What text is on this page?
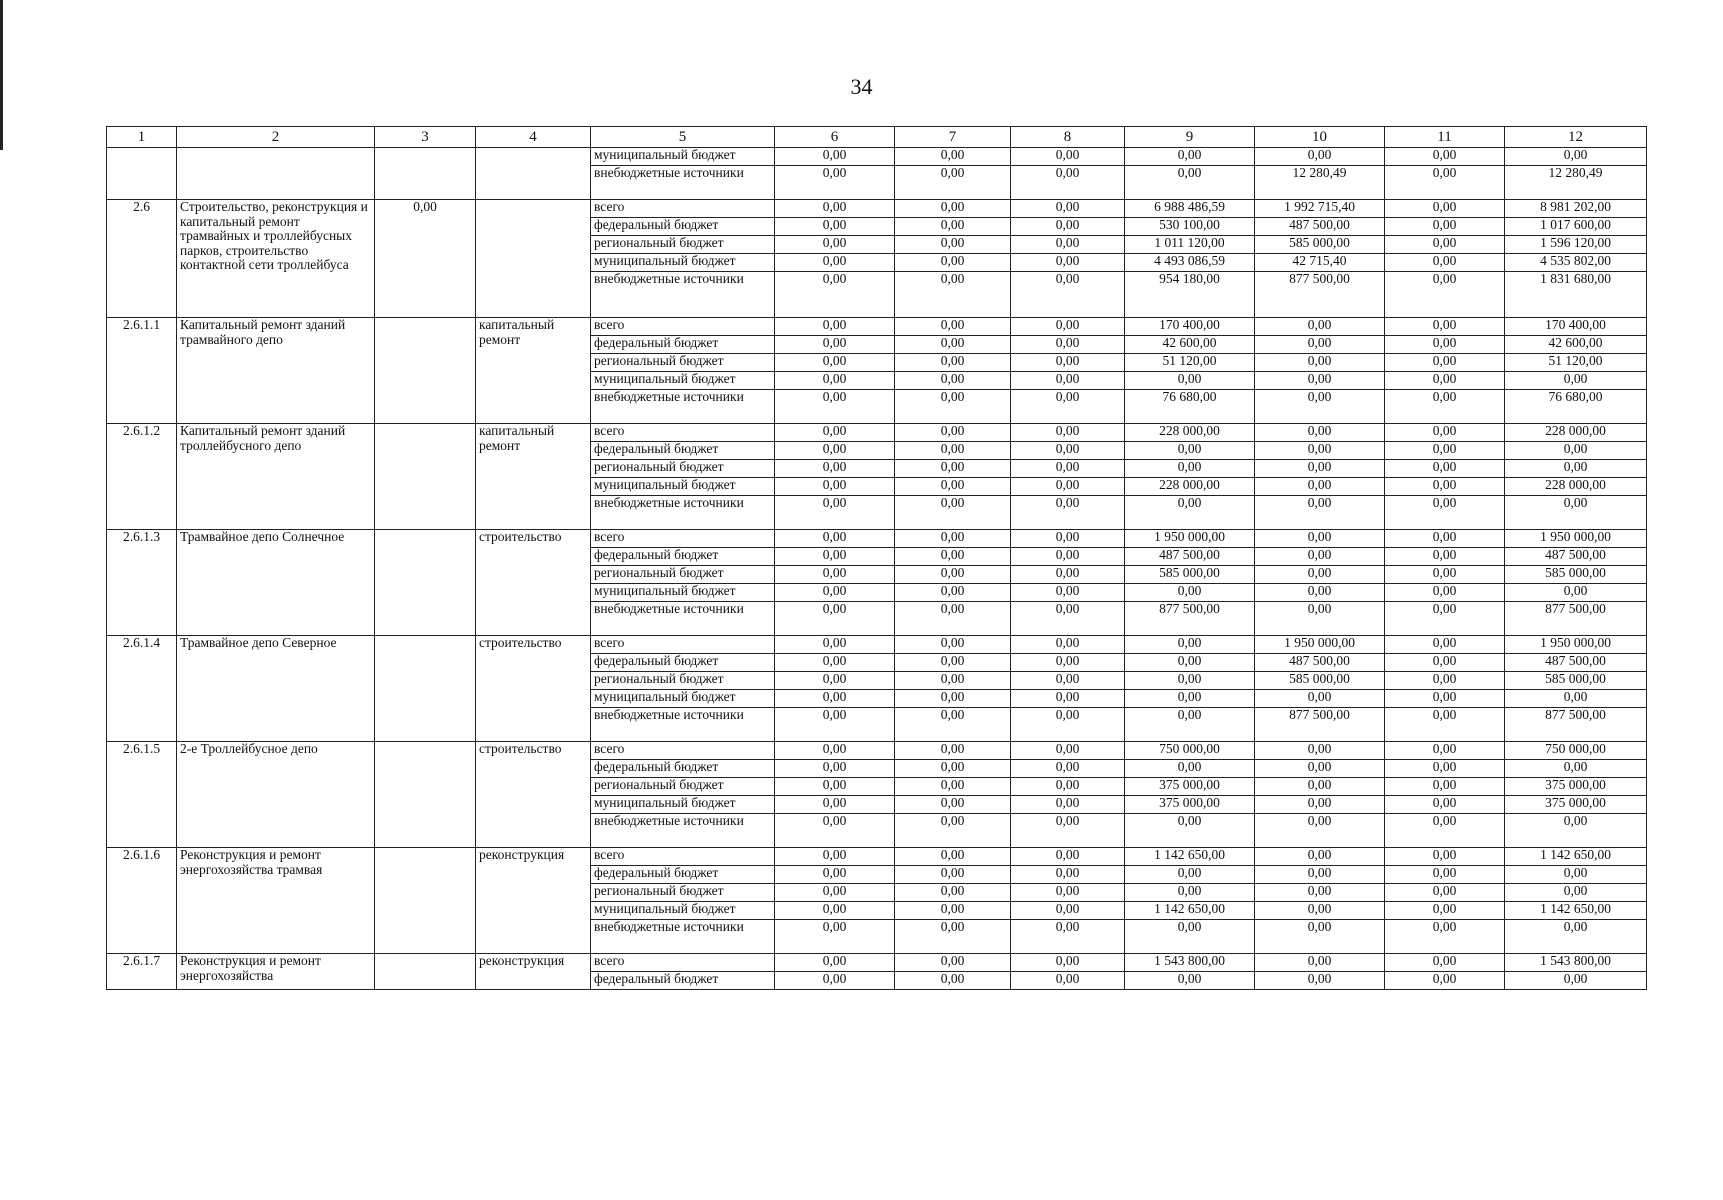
34
1	2	3	4	5	6	7	8	9	10	11	12
				муниципальный бюджет	0,00	0,00	0,00	0,00	0,00	0,00	0,00
				внебюджетные источники	0,00	0,00	0,00	0,00	12 280,49	0,00	12 280,49
2.6	Строительство, реконструкция и капитальный ремонт трамвайных и троллейбусных парков, строительство контактной сети троллейбуса	0,00		всего	0,00	0,00	0,00	6 988 486,59	1 992 715,40	0,00	8 981 202,00
				федеральный бюджет	0,00	0,00	0,00	530 100,00	487 500,00	0,00	1 017 600,00
				региональный бюджет	0,00	0,00	0,00	1 011 120,00	585 000,00	0,00	1 596 120,00
				муниципальный бюджет	0,00	0,00	0,00	4 493 086,59	42 715,40	0,00	4 535 802,00
				внебюджетные источники	0,00	0,00	0,00	954 180,00	877 500,00	0,00	1 831 680,00
2.6.1.1	Капитальный ремонт зданий трамвайного депо		капитальный ремонт	всего	0,00	0,00	0,00	170 400,00	0,00	0,00	170 400,00
				федеральный бюджет	0,00	0,00	0,00	42 600,00	0,00	0,00	42 600,00
				региональный бюджет	0,00	0,00	0,00	51 120,00	0,00	0,00	51 120,00
				муниципальный бюджет	0,00	0,00	0,00	0,00	0,00	0,00	0,00
				внебюджетные источники	0,00	0,00	0,00	76 680,00	0,00	0,00	76 680,00
2.6.1.2	Капитальный ремонт зданий троллейбусного депо		капитальный ремонт	всего	0,00	0,00	0,00	228 000,00	0,00	0,00	228 000,00
				федеральный бюджет	0,00	0,00	0,00	0,00	0,00	0,00	0,00
				региональный бюджет	0,00	0,00	0,00	0,00	0,00	0,00	0,00
				муниципальный бюджет	0,00	0,00	0,00	228 000,00	0,00	0,00	228 000,00
				внебюджетные источники	0,00	0,00	0,00	0,00	0,00	0,00	0,00
2.6.1.3	Трамвайное депо Солнечное		строительство	всего	0,00	0,00	0,00	1 950 000,00	0,00	0,00	1 950 000,00
				федеральный бюджет	0,00	0,00	0,00	487 500,00	0,00	0,00	487 500,00
				региональный бюджет	0,00	0,00	0,00	585 000,00	0,00	0,00	585 000,00
				муниципальный бюджет	0,00	0,00	0,00	0,00	0,00	0,00	0,00
				внебюджетные источники	0,00	0,00	0,00	877 500,00	0,00	0,00	877 500,00
2.6.1.4	Трамвайное депо Северное		строительство	всего	0,00	0,00	0,00	0,00	1 950 000,00	0,00	1 950 000,00
				федеральный бюджет	0,00	0,00	0,00	0,00	487 500,00	0,00	487 500,00
				региональный бюджет	0,00	0,00	0,00	0,00	585 000,00	0,00	585 000,00
				муниципальный бюджет	0,00	0,00	0,00	0,00	0,00	0,00	0,00
				внебюджетные источники	0,00	0,00	0,00	0,00	877 500,00	0,00	877 500,00
2.6.1.5	2-е Троллейбусное депо		строительство	всего	0,00	0,00	0,00	750 000,00	0,00	0,00	750 000,00
				федеральный бюджет	0,00	0,00	0,00	0,00	0,00	0,00	0,00
				региональный бюджет	0,00	0,00	0,00	375 000,00	0,00	0,00	375 000,00
				муниципальный бюджет	0,00	0,00	0,00	375 000,00	0,00	0,00	375 000,00
				внебюджетные источники	0,00	0,00	0,00	0,00	0,00	0,00	0,00
2.6.1.6	Реконструкция и ремонт энергохозяйства трамвая		реконструкция	всего	0,00	0,00	0,00	1 142 650,00	0,00	0,00	1 142 650,00
				федеральный бюджет	0,00	0,00	0,00	0,00	0,00	0,00	0,00
				региональный бюджет	0,00	0,00	0,00	0,00	0,00	0,00	0,00
				муниципальный бюджет	0,00	0,00	0,00	1 142 650,00	0,00	0,00	1 142 650,00
				внебюджетные источники	0,00	0,00	0,00	0,00	0,00	0,00	0,00
2.6.1.7	Реконструкция и ремонт энергохозяйства		реконструкция	всего	0,00	0,00	0,00	1 543 800,00	0,00	0,00	1 543 800,00
				федеральный бюджет	0,00	0,00	0,00	0,00	0,00	0,00	0,00
